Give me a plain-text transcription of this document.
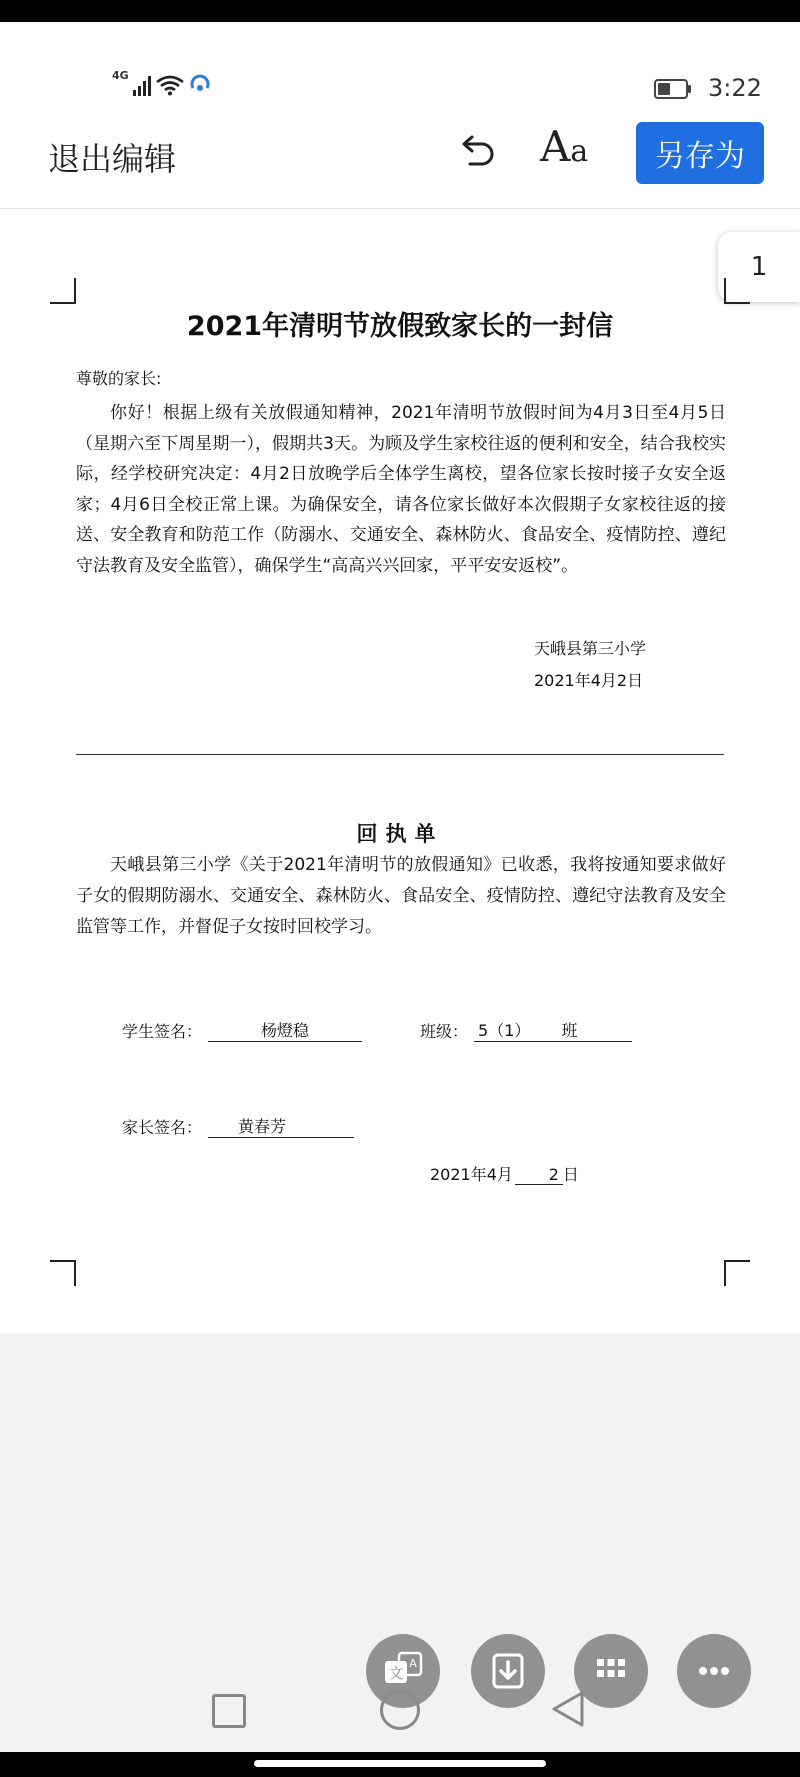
4G	3:22
退出编辑	Aa	另存为
1
2021年清明节放假致家长的一封信
尊敬的家长:
你好！根据上级有关放假通知精神，2021年清明节放假时间为4月3日至4月5日（星期六至下周星期一），假期共3天。为顾及学生家校往返的便利和安全，结合我校实际，经学校研究决定：4月2日放晚学后全体学生离校，望各位家长按时接子女安全返家；4月6日全校正常上课。为确保安全，请各位家长做好本次假期子女家校往返的接送、安全教育和防范工作（防溺水、交通安全、森林防火、食品安全、疫情防控、遵纪守法教育及安全监管），确保学生“高高兴兴回家，平平安安返校”。
天峨县第三小学
2021年4月2日
回执单
天峨县第三小学《关于2021年清明节的放假通知》已收悉，我将按通知要求做好子女的假期防溺水、交通安全、森林防火、食品安全、疫情防控、遵纪守法教育及安全监管等工作，并督促子女按时回校学习。
学生签名：	杨燈稳	班级： 5（1） 班
家长签名：	黄春芳
2021年4月	2 日
文
A
